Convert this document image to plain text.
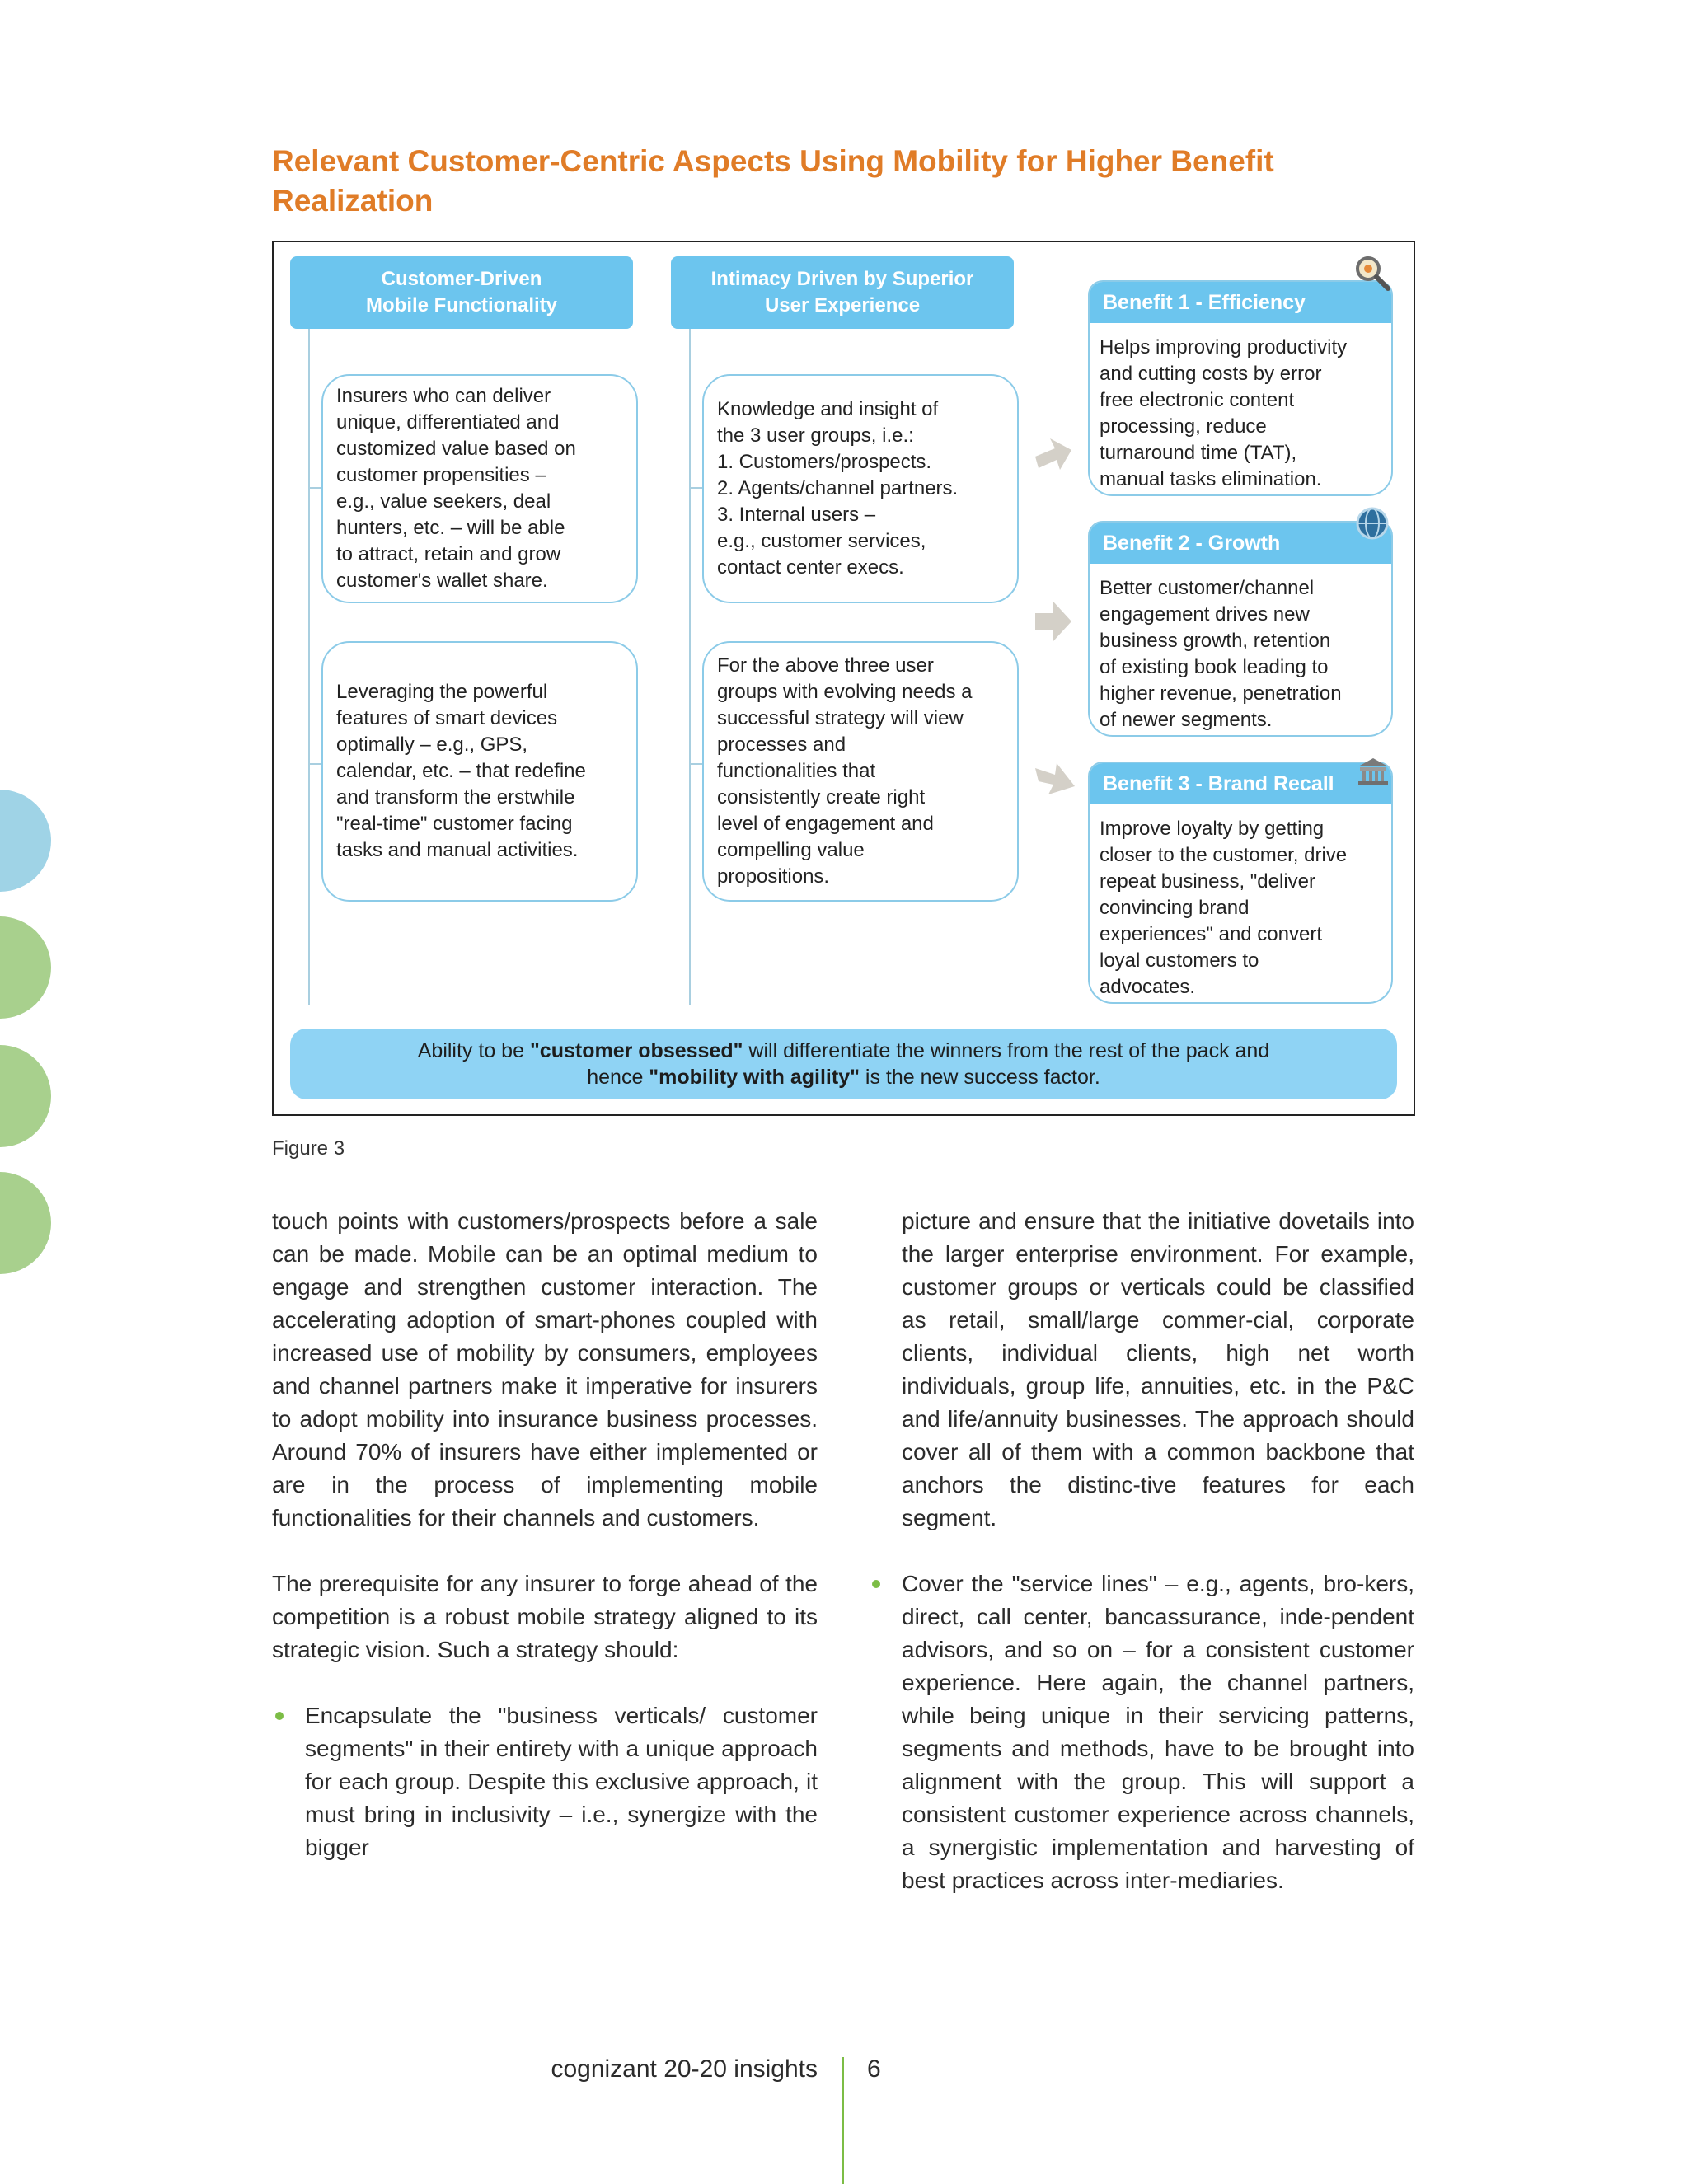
Relevant Customer-Centric Aspects Using Mobility for Higher Benefit Realization
Customer-Driven
Mobile Functionality
Insurers who can deliver
unique, differentiated and
customized value based on
customer propensities –
e.g., value seekers, deal
hunters, etc. – will be able
to attract, retain and grow
customer's wallet share.
Leveraging the powerful
features of smart devices
optimally – e.g., GPS,
calendar, etc. – that redefine
and transform the erstwhile
"real-time" customer facing
tasks and manual activities.
Intimacy Driven by Superior
User Experience
Knowledge and insight of
the 3 user groups, i.e.:
1. Customers/prospects.
2. Agents/channel partners.
3. Internal users –
e.g., customer services,
contact center execs.
For the above three user
groups with evolving needs a
successful strategy will view
processes and
functionalities that
consistently create right
level of engagement and
compelling value
propositions.
Benefit 1 - Efficiency
Helps improving productivity
and cutting costs by error
free electronic content
processing, reduce
turnaround time (TAT),
manual tasks elimination.
Benefit 2 - Growth
Better customer/channel
engagement drives new
business growth, retention
of existing book leading to
higher revenue, penetration
of newer segments.
Benefit 3 - Brand Recall
Improve loyalty by getting
closer to the customer, drive
repeat business, "deliver
convincing brand
experiences" and convert
loyal customers to
advocates.
Ability to be "customer obsessed" will differentiate the winners from the rest of the pack and
hence "mobility with agility" is the new success factor.
Figure 3

touch points with customers/prospects before a sale can be made. Mobile can be an optimal medium to engage and strengthen customer interaction. The accelerating adoption of smart-phones coupled with increased use of mobility by consumers, employees and channel partners make it imperative for insurers to adopt mobility into insurance business processes. Around 70% of insurers have either implemented or are in the process of implementing mobile functionalities for their channels and customers.

The prerequisite for any insurer to forge ahead of the competition is a robust mobile strategy aligned to its strategic vision. Such a strategy should:

Encapsulate the "business verticals/ customer segments" in their entirety with a unique approach for each group. Despite this exclusive approach, it must bring in inclusivity – i.e., synergize with the bigger

picture and ensure that the initiative dovetails into the larger enterprise environment. For example, customer groups or verticals could be classified as retail, small/large commer-cial, corporate clients, individual clients, high net worth individuals, group life, annuities, etc. in the P&C and life/annuity businesses. The approach should cover all of them with a common backbone that anchors the distinc-tive features for each segment.

Cover the "service lines" – e.g., agents, bro-kers, direct, call center, bancassurance, inde-pendent advisors, and so on – for a consistent customer experience. Here again, the channel partners, while being unique in their servicing patterns, segments and methods, have to be brought into alignment with the group. This will support a consistent customer experience across channels, a synergistic implementation and harvesting of best practices across inter-mediaries.
cognizant 20-20 insights 6
